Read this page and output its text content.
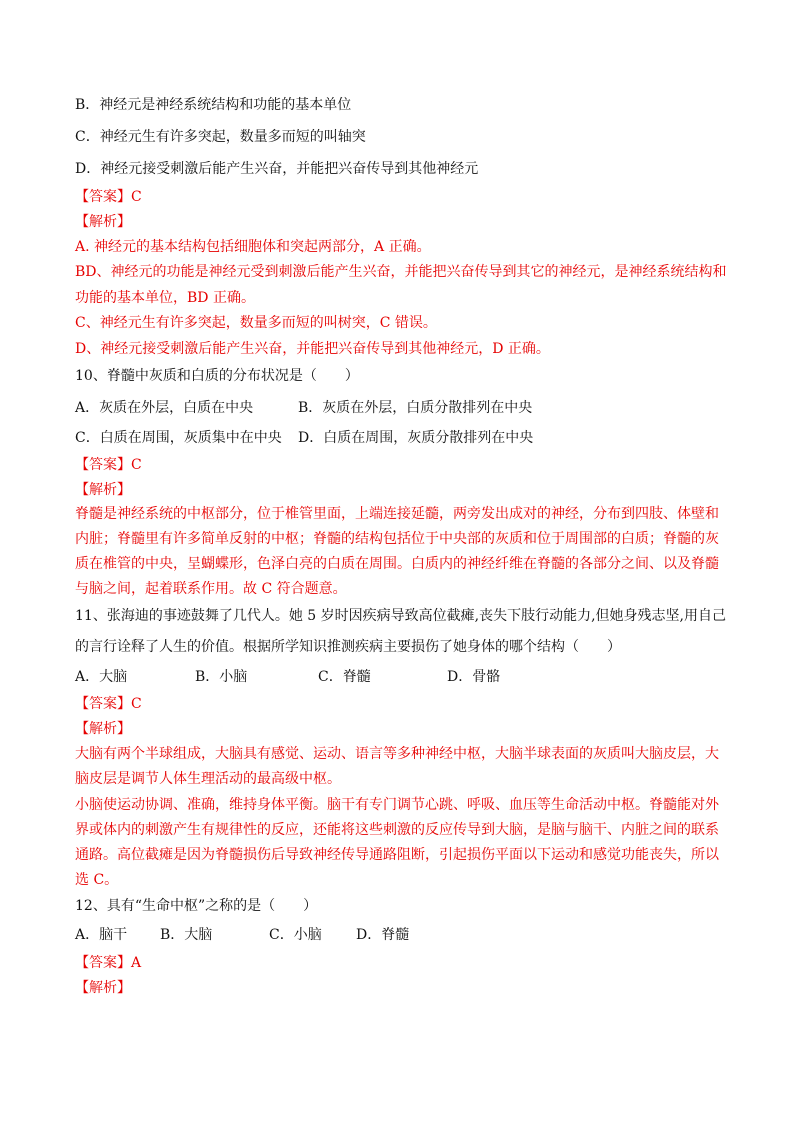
B．神经元是神经系统结构和功能的基本单位
C．神经元生有许多突起，数量多而短的叫轴突
D．神经元接受刺激后能产生兴奋，并能把兴奋传导到其他神经元
【答案】C
【解析】
A. 神经元的基本结构包括细胞体和突起两部分，A 正确。
BD、神经元的功能是神经元受到刺激后能产生兴奋，并能把兴奋传导到其它的神经元，是神经系统结构和
功能的基本单位，BD 正确。
C、神经元生有许多突起，数量多而短的叫树突，C 错误。
D、神经元接受刺激后能产生兴奋，并能把兴奋传导到其他神经元，D 正确。
10、脊髓中灰质和白质的分布状况是（　　）
A．灰质在外层，白质在中央	B．灰质在外层，白质分散排列在中央
C．白质在周围，灰质集中在中央 D．白质在周围，灰质分散排列在中央
【答案】C
【解析】
脊髓是神经系统的中枢部分，位于椎管里面，上端连接延髓，两旁发出成对的神经，分布到四肢、体壁和
内脏；脊髓里有许多简单反射的中枢；脊髓的结构包括位于中央部的灰质和位于周围部的白质；脊髓的灰
质在椎管的中央，呈蝴蝶形，色泽白亮的白质在周围。白质内的神经纤维在脊髓的各部分之间、以及脊髓
与脑之间，起着联系作用。故 C 符合题意。
11、张海迪的事迹鼓舞了几代人。她 5 岁时因疾病导致高位截瘫,丧失下肢行动能力,但她身残志坚,用自己
的言行诠释了人生的价值。根据所学知识推测疾病主要损伤了她身体的哪个结构（　　）
A．大脑	B．小脑	C．脊髓	D．骨骼
【答案】C
【解析】
大脑有两个半球组成，大脑具有感觉、运动、语言等多种神经中枢，大脑半球表面的灰质叫大脑皮层，大
脑皮层是调节人体生理活动的最高级中枢。
小脑使运动协调、准确，维持身体平衡。脑干有专门调节心跳、呼吸、血压等生命活动中枢。脊髓能对外
界或体内的刺激产生有规律性的反应，还能将这些刺激的反应传导到大脑，是脑与脑干、内脏之间的联系
通路。高位截瘫是因为脊髓损伤后导致神经传导通路阻断，引起损伤平面以下运动和感觉功能丧失，所以
选 C。
12、具有“生命中枢”之称的是（　　）
A．脑干 B．大脑	C．小脑 D．脊髓
【答案】A
【解析】
